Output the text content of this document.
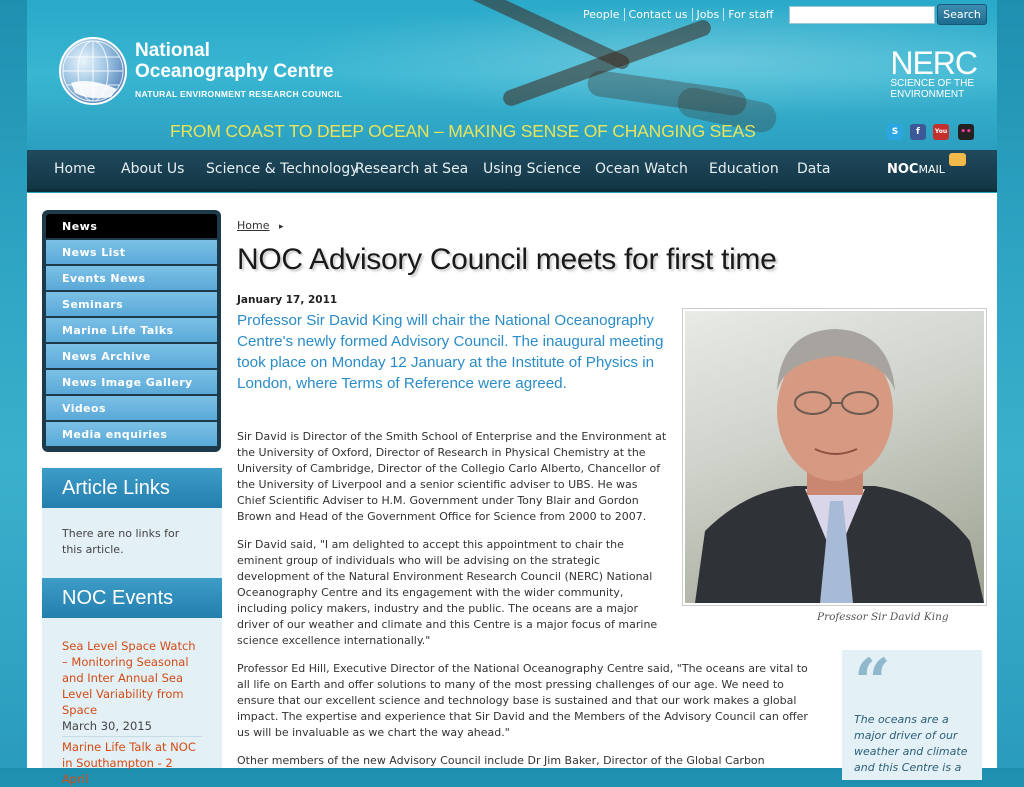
National
Oceanography Centre
NATURAL ENVIRONMENT RESEARCH COUNCIL
FROM COAST TO DEEP OCEAN – MAKING SENSE OF CHANGING SEAS
NERC
SCIENCE OF THE
ENVIRONMENT
People Contact us Jobs For staff	Search
S	f	You ••
Home About Us Science & Technology
Research at Sea Using Science Ocean Watch Education Data	NOCMAIL
News
News List
Events News
Seminars
Marine Life Talks
News Archive
News Image Gallery
Videos
Media enquiries
Article Links
There are no links for this article.
NOC Events
Sea Level Space Watch – Monitoring Seasonal and Inter Annual Sea Level Variability from Space
March 30, 2015
Marine Life Talk at NOC in Southampton - 2 April
Home ▸
NOC Advisory Council meets for first time
January 17, 2011
Professor Sir David King will chair the National Oceanography Centre's newly formed Advisory Council. The inaugural meeting took place on Monday 12 January at the Institute of Physics in London, where Terms of Reference were agreed.
Sir David is Director of the Smith School of Enterprise and the Environment at the University of Oxford, Director of Research in Physical Chemistry at the University of Cambridge, Director of the Collegio Carlo Alberto, Chancellor of the University of Liverpool and a senior scientific adviser to UBS. He was Chief Scientific Adviser to H.M. Government under Tony Blair and Gordon Brown and Head of the Government Office for Science from 2000 to 2007.
Sir David said, "I am delighted to accept this appointment to chair the eminent group of individuals who will be advising on the strategic development of the Natural Environment Research Council (NERC) National Oceanography Centre and its engagement with the wider community, including policy makers, industry and the public. The oceans are a major driver of our weather and climate and this Centre is a major focus of marine science excellence internationally."
Professor Ed Hill, Executive Director of the National Oceanography Centre said, "The oceans are vital to all life on Earth and offer solutions to many of the most pressing challenges of our age. We need to ensure that our excellent science and technology base is sustained and that our work makes a global impact. The expertise and experience that Sir David and the Members of the Advisory Council can offer us will be invaluable as we chart the way ahead."
Other members of the new Advisory Council include Dr Jim Baker, Director of the Global Carbon
Professor Sir David King
“
The oceans are a major driver of our weather and climate and this Centre is a
